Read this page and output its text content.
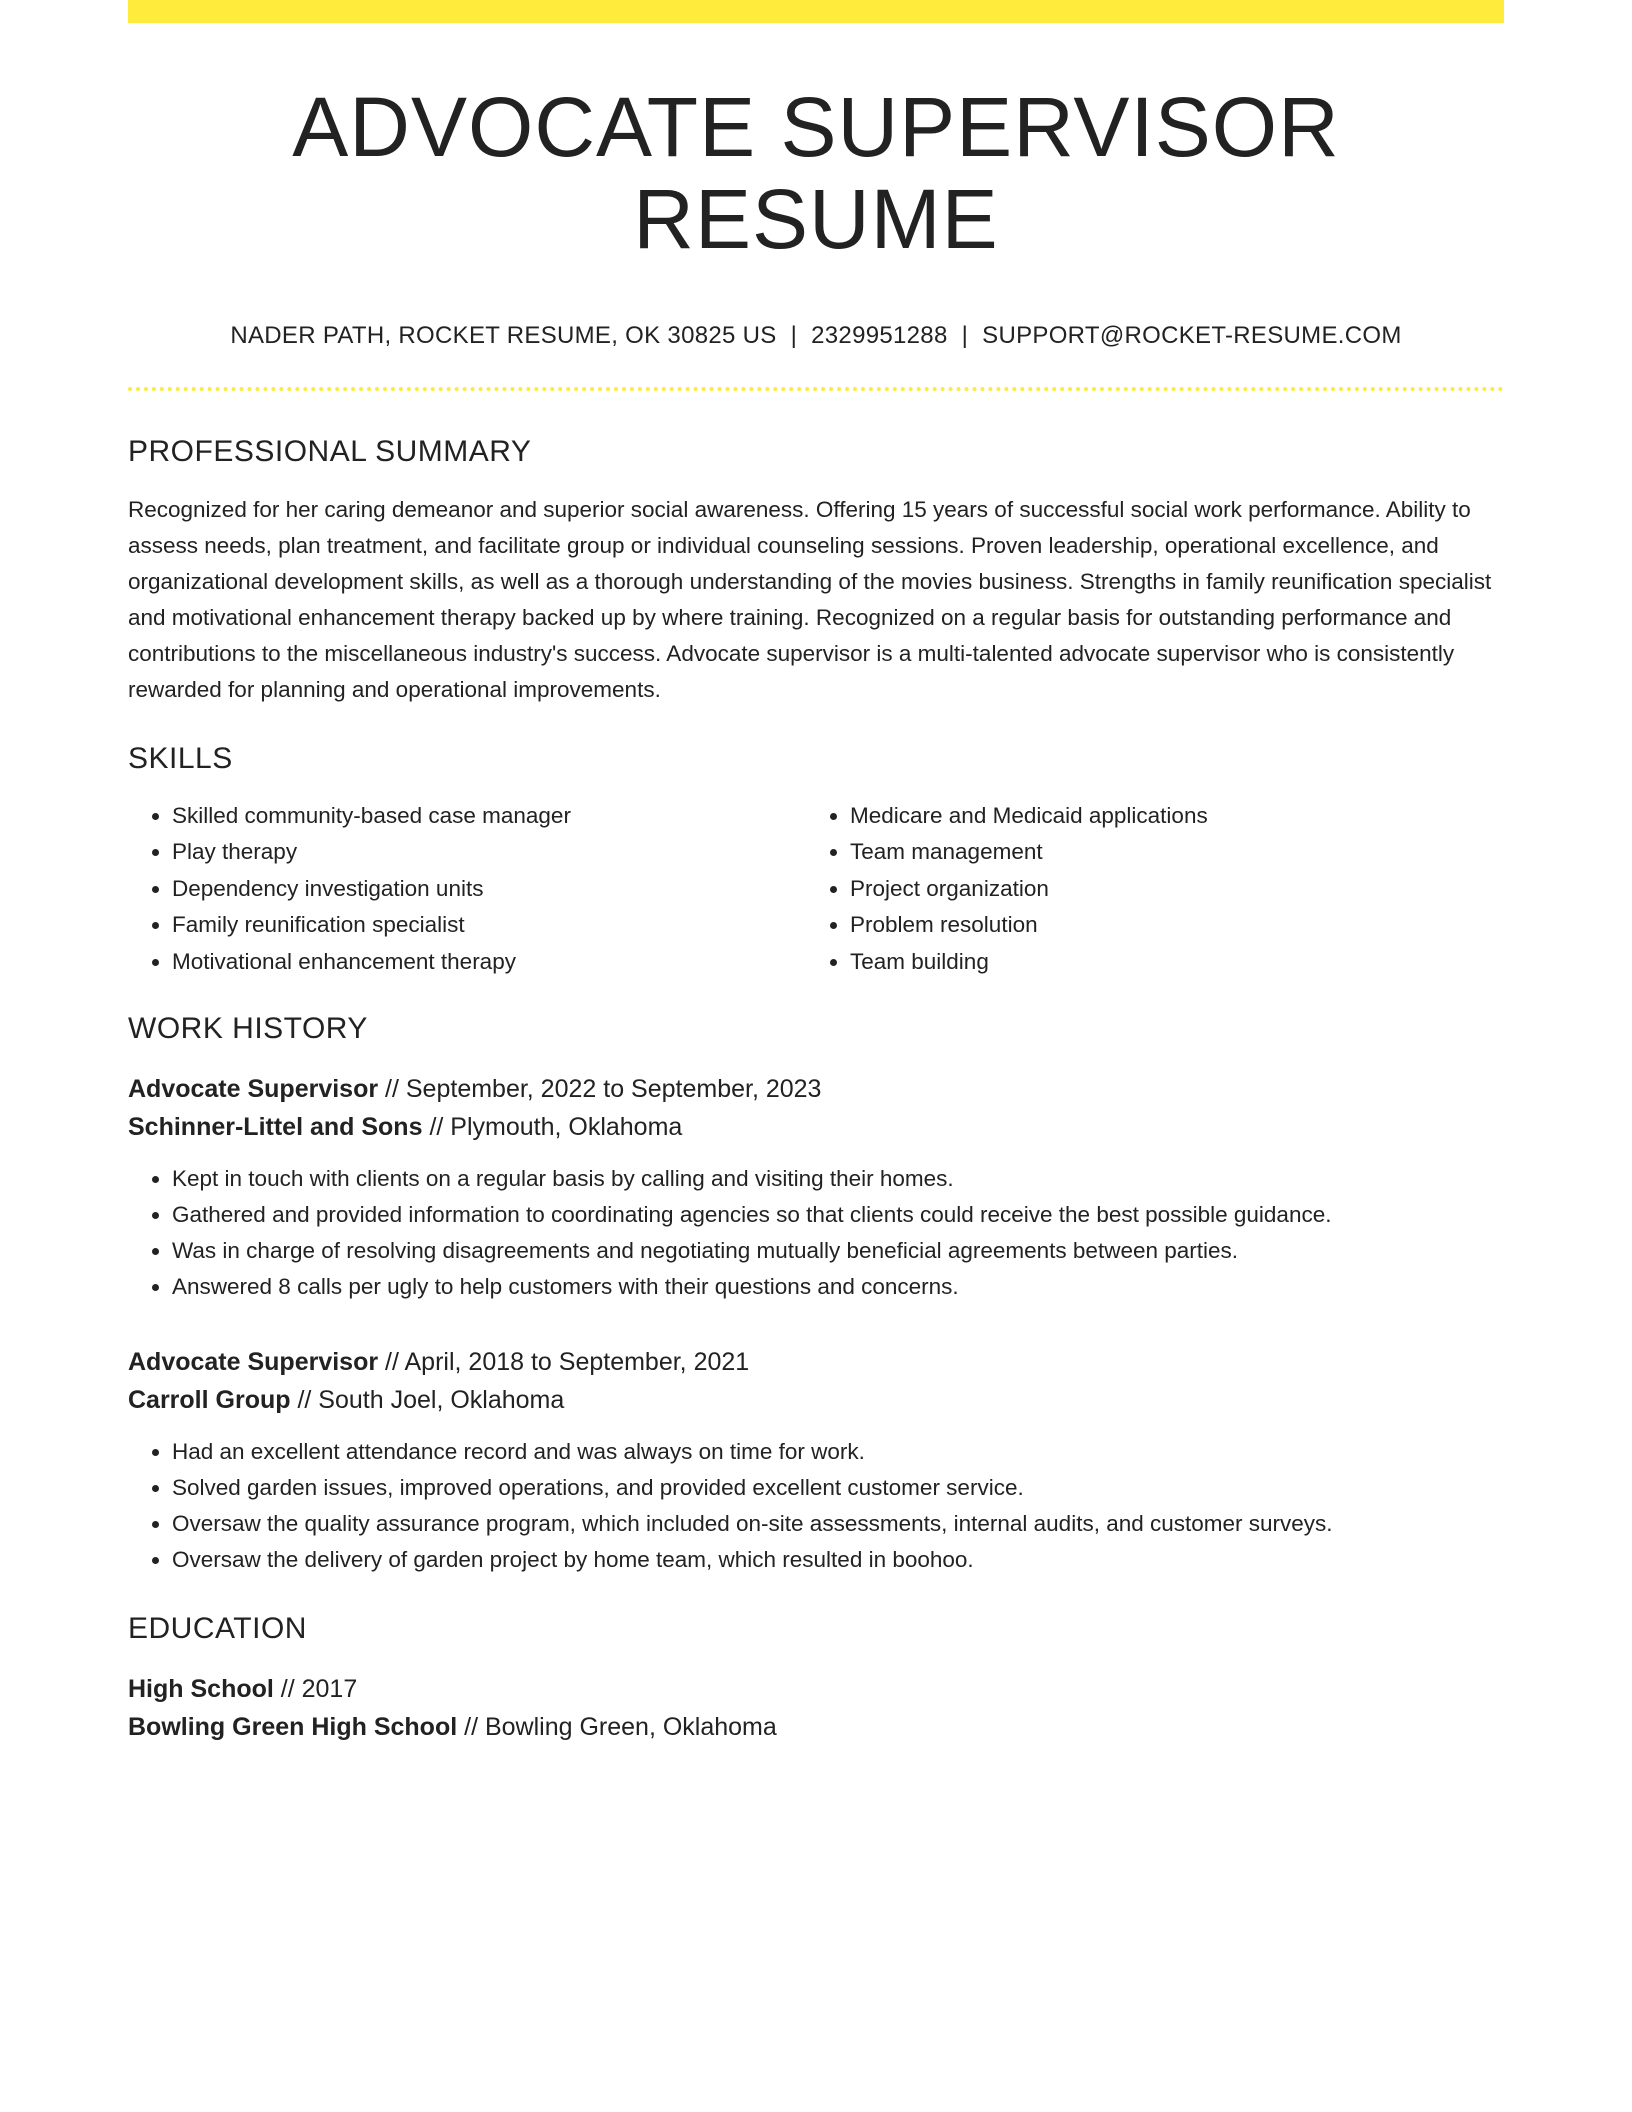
ADVOCATE SUPERVISOR RESUME
NADER PATH, ROCKET RESUME, OK 30825 US | 2329951288 | SUPPORT@ROCKET-RESUME.COM
PROFESSIONAL SUMMARY
Recognized for her caring demeanor and superior social awareness. Offering 15 years of successful social work performance. Ability to assess needs, plan treatment, and facilitate group or individual counseling sessions. Proven leadership, operational excellence, and organizational development skills, as well as a thorough understanding of the movies business. Strengths in family reunification specialist and motivational enhancement therapy backed up by where training. Recognized on a regular basis for outstanding performance and contributions to the miscellaneous industry's success. Advocate supervisor is a multi-talented advocate supervisor who is consistently rewarded for planning and operational improvements.
SKILLS
• Skilled community-based case manager
• Play therapy
• Dependency investigation units
• Family reunification specialist
• Motivational enhancement therapy
• Medicare and Medicaid applications
• Team management
• Project organization
• Problem resolution
• Team building
WORK HISTORY
Advocate Supervisor // September, 2022 to September, 2023
Schinner-Littel and Sons // Plymouth, Oklahoma
• Kept in touch with clients on a regular basis by calling and visiting their homes.
• Gathered and provided information to coordinating agencies so that clients could receive the best possible guidance.
• Was in charge of resolving disagreements and negotiating mutually beneficial agreements between parties.
• Answered 8 calls per ugly to help customers with their questions and concerns.
Advocate Supervisor // April, 2018 to September, 2021
Carroll Group // South Joel, Oklahoma
• Had an excellent attendance record and was always on time for work.
• Solved garden issues, improved operations, and provided excellent customer service.
• Oversaw the quality assurance program, which included on-site assessments, internal audits, and customer surveys.
• Oversaw the delivery of garden project by home team, which resulted in boohoo.
EDUCATION
High School // 2017
Bowling Green High School // Bowling Green, Oklahoma
